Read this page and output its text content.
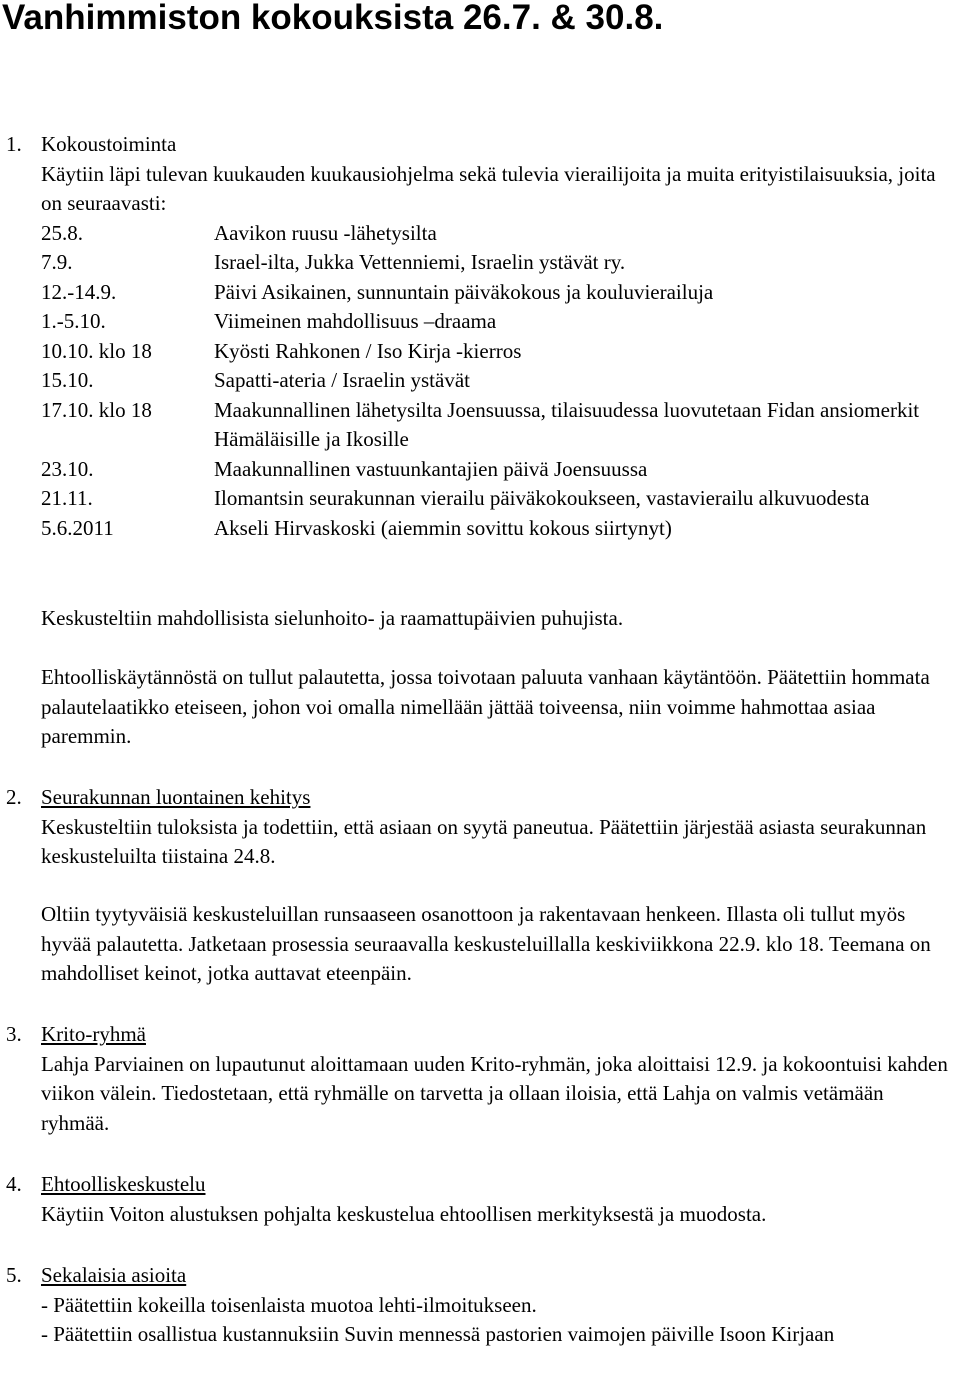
Vanhimmiston kokouksista 26.7. & 30.8.
1. Kokoustoiminta

Käytiin läpi tulevan kuukauden kuukausiohjelma sekä tulevia vierailijoita ja muita erityistilaisuuksia, joita on seuraavasti:

25.8.	Aavikon ruusu -lähetysilta
7.9.	Israel-ilta, Jukka Vettenniemi, Israelin ystävät ry.
12.-14.9.	Päivi Asikainen, sunnuntain päiväkokous ja kouluvierailuja
1.-5.10.	Viimeinen mahdollisuus –draama
10.10. klo 18	Kyösti Rahkonen / Iso Kirja -kierros
15.10.	Sapatti-ateria / Israelin ystävät
17.10. klo 18	Maakunnallinen lähetysilta Joensuussa, tilaisuudessa luovutetaan Fidan ansiomerkit Hämäläisille ja Ikosille
23.10.	Maakunnallinen vastuunkantajien päivä Joensuussa
21.11.	Ilomantsin seurakunnan vierailu päiväkokoukseen, vastavierailu alkuvuodesta
5.6.2011	Akseli Hirvaskoski (aiemmin sovittu kokous siirtynyt)

Keskusteltiin mahdollisista sielunhoito- ja raamattupäivien puhujista.

Ehtoolliskäytännöstä on tullut palautetta, jossa toivotaan paluuta vanhaan käytäntöön. Päätettiin hommata palautelaatikko eteiseen, johon voi omalla nimellään jättää toiveensa, niin voimme hahmottaa asiaa paremmin.

2. Seurakunnan luontainen kehitys

Keskusteltiin tuloksista ja todettiin, että asiaan on syytä paneutua. Päätettiin järjestää asiasta seurakunnan keskusteluilta tiistaina 24.8.

Oltiin tyytyväisiä keskusteluillan runsaaseen osanottoon ja rakentavaan henkeen. Illasta oli tullut myös hyvää palautetta. Jatketaan prosessia seuraavalla keskusteluillalla keskiviikkona 22.9. klo 18. Teemana on mahdolliset keinot, jotka auttavat eteenpäin.

3. Krito-ryhmä

Lahja Parviainen on lupautunut aloittamaan uuden Krito-ryhmän, joka aloittaisi 12.9. ja kokoontuisi kahden viikon välein. Tiedostetaan, että ryhmälle on tarvetta ja ollaan iloisia, että Lahja on valmis vetämään ryhmää.

4. Ehtoolliskeskustelu

Käytiin Voiton alustuksen pohjalta keskustelua ehtoollisen merkityksestä ja muodosta.

5. Sekalaisia asioita

- Päätettiin kokeilla toisenlaista muotoa lehti-ilmoitukseen.

- Päätettiin osallistua kustannuksiin Suvin mennessä pastorien vaimojen päiville Isoon Kirjaan
